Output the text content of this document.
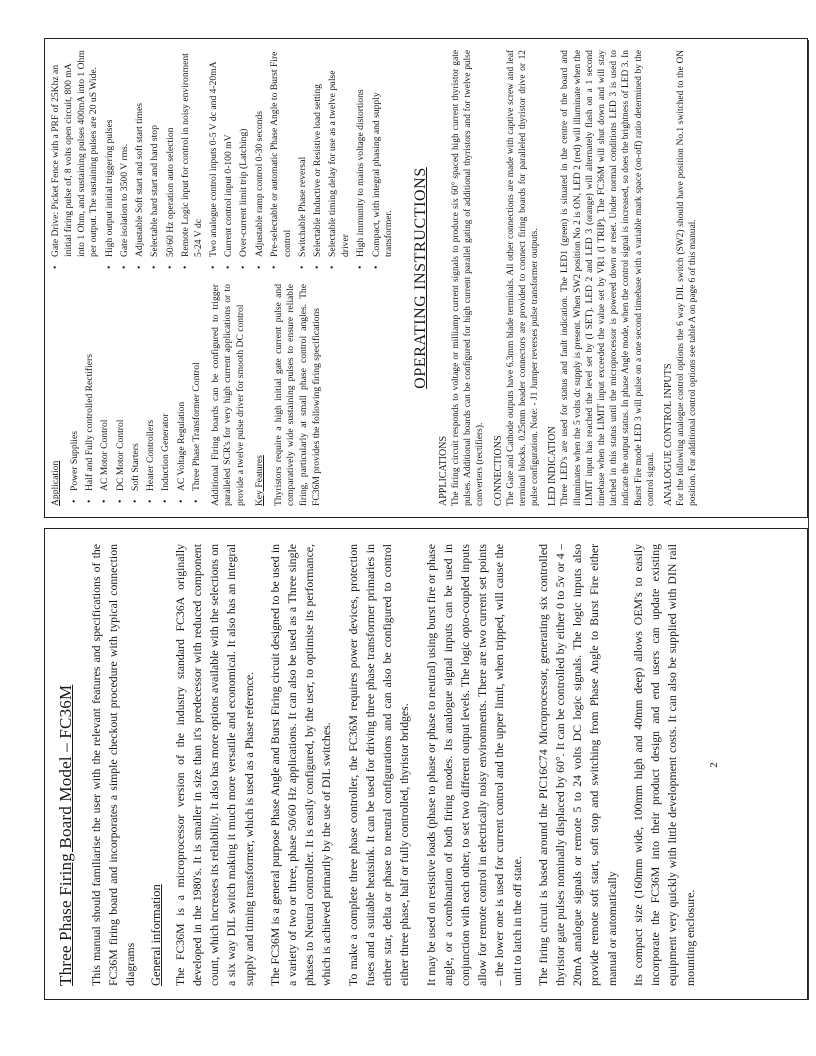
Three Phase Firing Board Model – FC36M This manual should familiarise the user with the relevant features and specifications of the FC36M firing board and incorporates a simple checkout procedure with typical connection diagrams General information The FC36M is a microprocessor version of the industry standard FC36A originally developed in the 1980's. It is smaller in size than it's predecessor with reduced component count, which increases its reliability. It also has more options available with the selections on a six way DIL switch making it much more versatile and economical. It also has an integral supply and timing transformer, which is used as a Phase reference. The FC36M is a general purpose Phase Angle and Burst Firing circuit designed to be used in a variety of two or three, phase 50/60 Hz applications. It can also be used as a Three single phases to Neutral controller. It is easily configured, by the user, to optimise its performance, which is achieved primarily by the use of DIL switches. To make a complete three phase controller, the FC36M requires power devices, protection fuses and a suitable heatsink. It can be used for driving three phase transformer primaries in either star, delta or phase to neutral configurations and can also be configured to control either three phase, half or fully controlled, thyristor bridges. It may be used on resistive loads (phase to phase or phase to neutral) using burst fire or phase angle, or a combination of both firing modes. Its analogue signal inputs can be used in conjunction with each other, to set two different output levels. The logic opto-coupled inputs allow for remote control in electrically noisy environments. There are two current set points – the lower one is used for current control and the upper limit, when tripped, will cause the unit to latch in the off state. The firing circuit is based around the PIC16C74 Microprocessor, generating six controlled thyristor gate pulses nominally displaced by 60°. It can be controlled by either 0 to 5v or 4 – 20mA analogue signals or remote 5 to 24 volts DC logic signals. The logic inputs also provide remote soft start, soft stop and switching from Phase Angle to Burst Fire either manual or automatically Its compact size (160mm wide, 100mm high and 40mm deep) allows OEM's to easily incorporate the FC36M into their product design and end users can update existing equipment very quickly with little development costs. It can also be supplied with DIN rail mounting enclosure.

2
Application • Power Supplies • Half and Fully controlled Rectifiers • AC Motor Control • DC Motor Control • Soft Starters • Heater Controllers • Induction Generator • AC Voltage Regulation • Three Phase Transformer Control Additional Firing boards can be configured to trigger paralleled SCR's for very high current applications or to provide a twelve pulse driver for smooth DC control Key Features Thyristors require a high initial gate current pulse and comparatively wide sustaining pulses to ensure reliable firing, particularly at small phase control angles. The FC36M provides the following firing specifications

• Gate Drive: Picket Fence with a PRF of 25Khz an initial firing pulse of, 8 volts open circuit, 800 mA into 1 Ohm, and sustaining pulses 400mA into 1 Ohm per output. The sustaining pulses are 20 uS Wide. • High output initial triggering pulses • Gate isolation to 3500 V rms. • Adjustable Soft start and soft start times • Selectable hard start and hard stop • 50/60 Hz operation auto selection • Remote Logic input for control in noisy environment 5-24 V dc • Two analogue control inputs 0-5 V dc and 4-20mA • Current control input 0-100 mV • Over-current limit trip (Latching) • Adjustable ramp control 0-30 seconds • Pre-selectable or automatic Phase Angle to Burst Fire control • Switchable Phase reversal • Selectable Inductive or Resistive load setting • Selectable timing delay for use as a twelve pulse driver • High immunity to mains voltage distortions • Compact, with integral phasing and supply transformer. OPERATING INSTRUCTIONS
APPLICATIONS The firing circuit responds to voltage or milliamp current signals to produce six 60° spaced high current thyristor gate pulses. Additional boards can be configured for high current parallel gating of additional thyristors and for twelve pulse converters (rectifiers). CONNECTIONS The Gate and Cathode outputs have 6.3mm blade terminals. All other connections are made with captive screw and leaf terminal blocks. 0.25mm header connectors are provided to connect firing boards for paralleled thyristor drive or 12 pulse configuration. Note: - J1 Jumper reverses pulse transformer outputs. LED INDICATION Three LED's are used for status and fault indication. The LED1 (green) is situated in the centre of the board and illuminates when the 5 volts dc supply is present. When SW2 position No 2 is ON, LED 2 (red) will illuminate when the LIMIT input has reached the level set by (I SET). LED 2 and LED 3 (orange) will alternately flash on a 1 second timebase when the LIMIT input exceeded the value set by VR1 (I TRIP). The FC36M will shut down and will stay latched in this status until the microprocessor is powered down or reset. Under normal conditions LED 3 is used to indicate the output status. In phase Angle mode, when the control signal is increased, so does the brightness of LED 3. In Burst Fire mode LED 3 will pulse on a one second timebase with a variable mark space (on-off) ratio determined by the control signal. ANALOGUE CONTROL INPUTS For the following analogue control options the 6 way DIL switch (SW2) should have position No.1 switched to the ON position. For additional control options see table A on page 6 of this manual.
